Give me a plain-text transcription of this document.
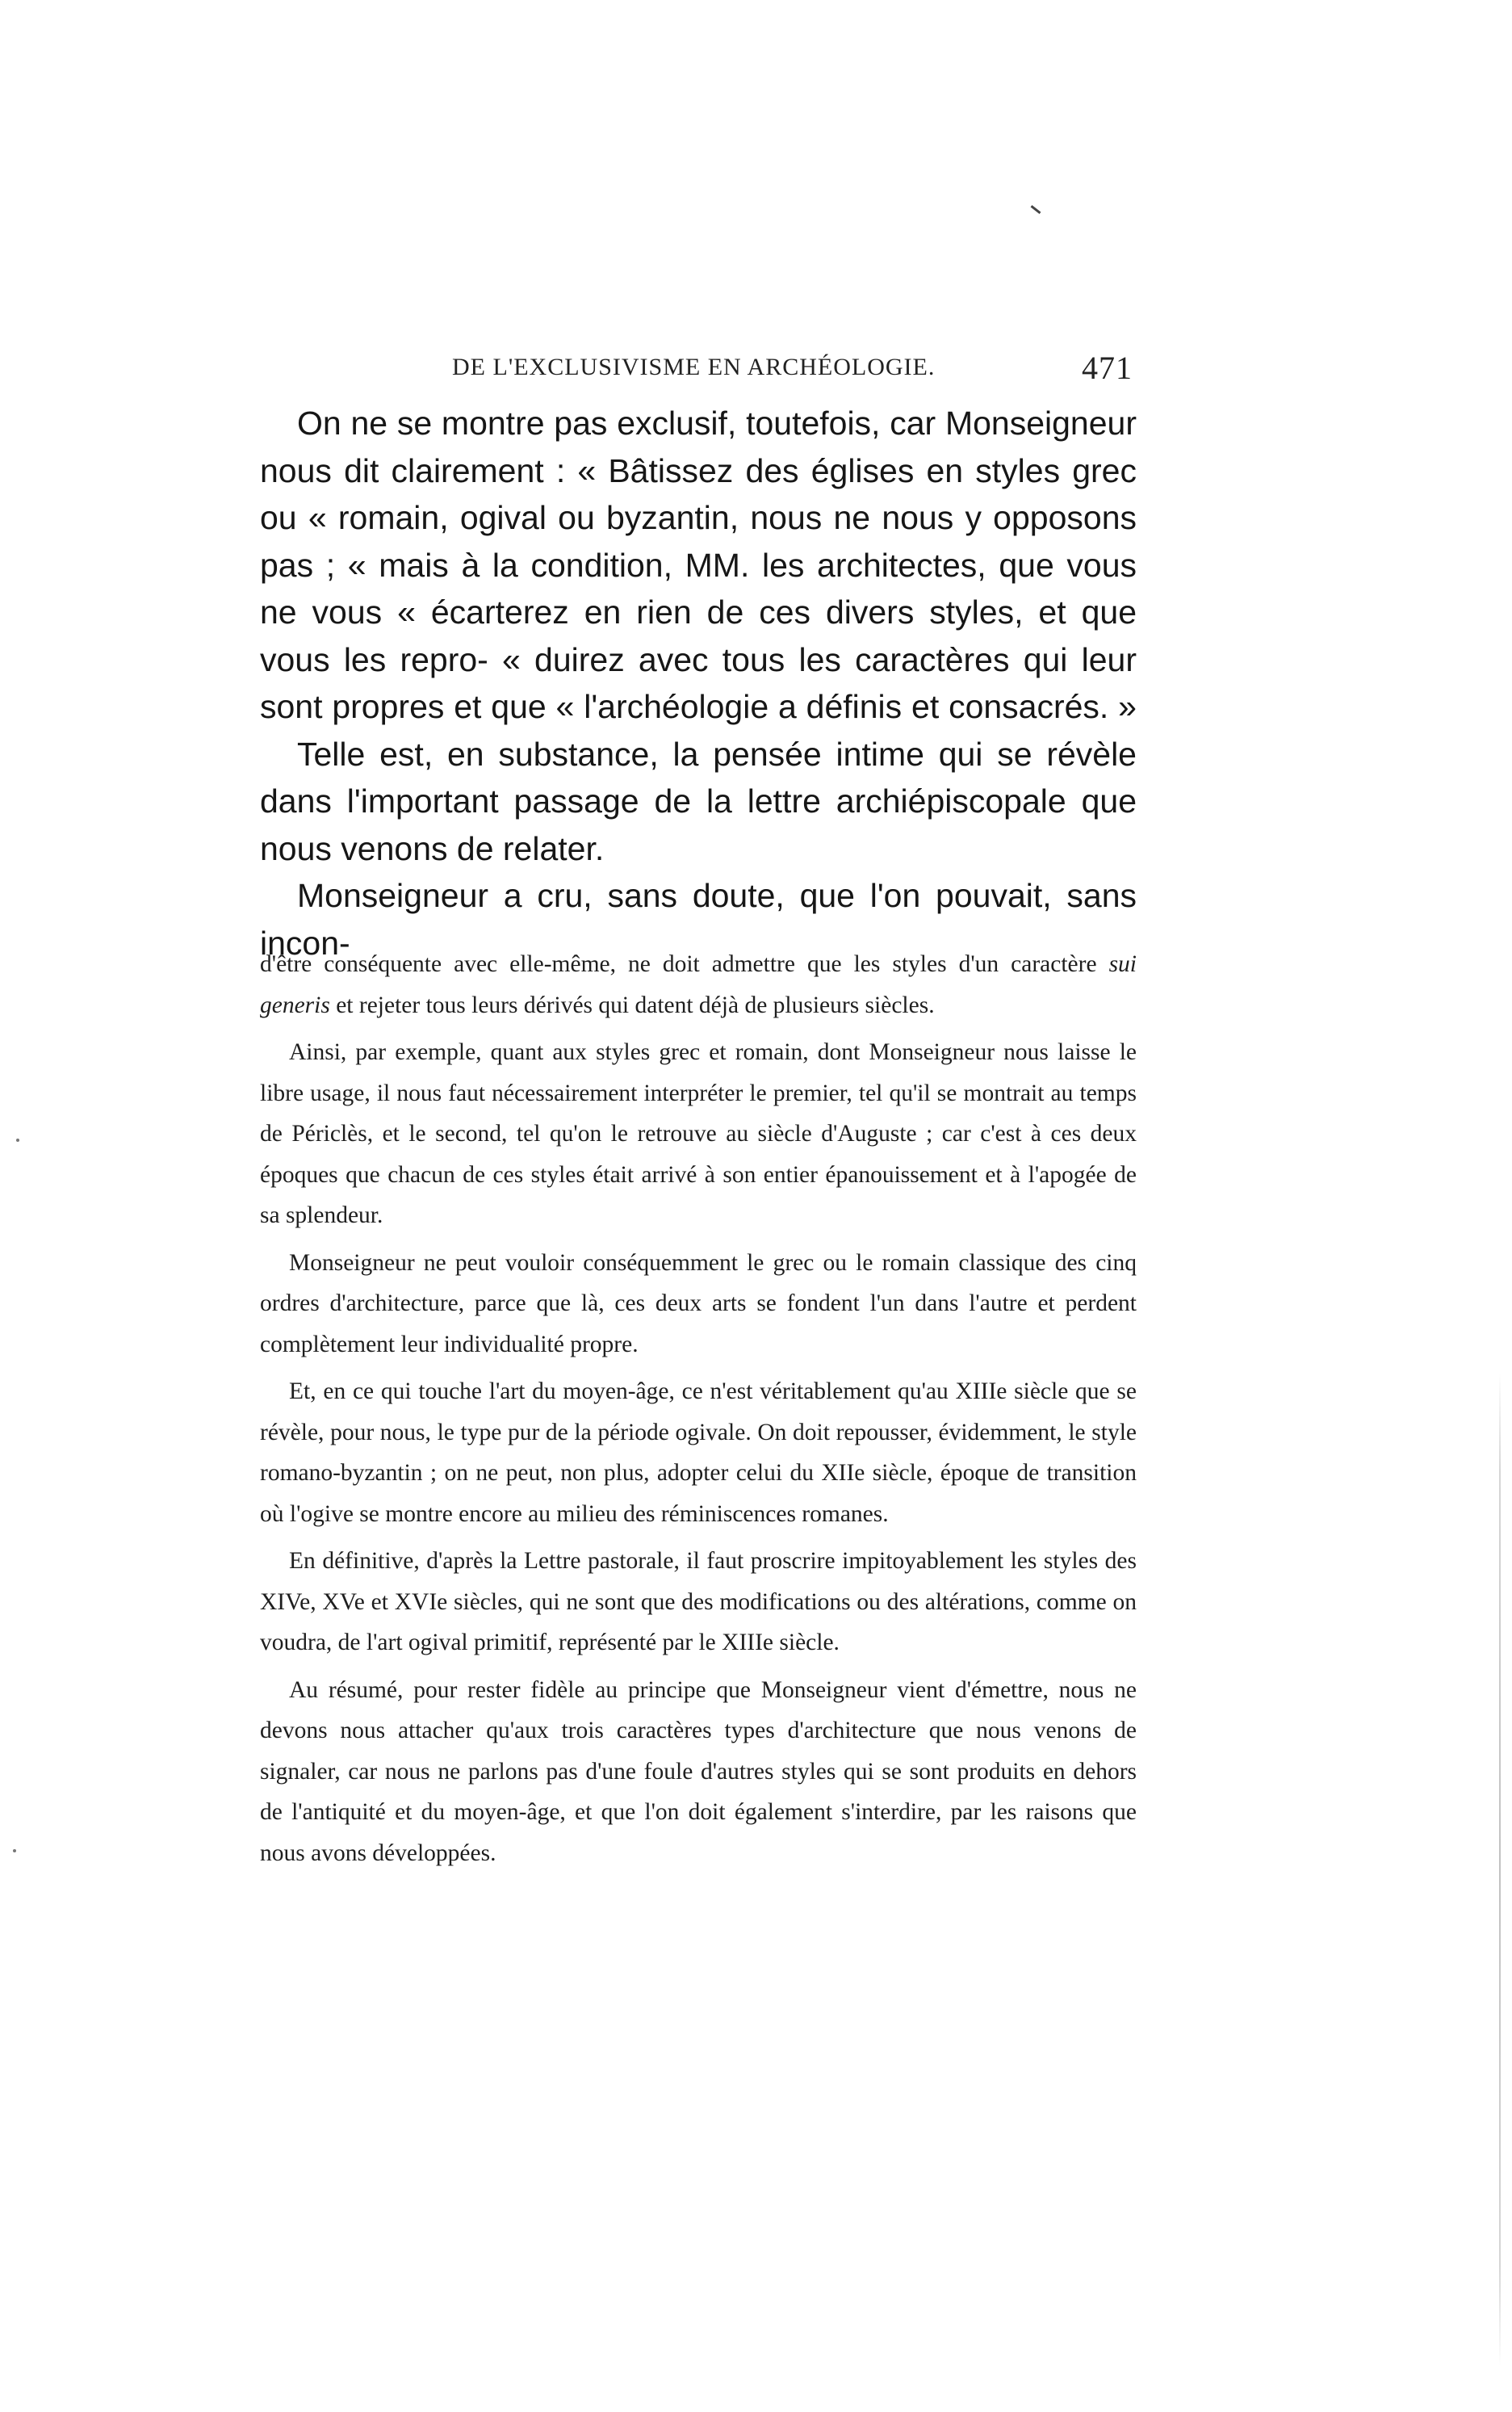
DE L'EXCLUSIVISME EN ARCHÉOLOGIE.	471

On ne se montre pas exclusif, toutefois, car Monseigneur nous dit clairement : « Bâtissez des églises en styles grec ou « romain, ogival ou byzantin, nous ne nous y opposons pas ; « mais à la condition, MM. les architectes, que vous ne vous « écarterez en rien de ces divers styles, et que vous les repro- « duirez avec tous les caractères qui leur sont propres et que « l'archéologie a définis et consacrés. »

Telle est, en substance, la pensée intime qui se révèle dans l'important passage de la lettre archiépiscopale que nous venons de relater.

Monseigneur a cru, sans doute, que l'on pouvait, sans incon-

d'être conséquente avec elle-même, ne doit admettre que les styles d'un caractère sui generis et rejeter tous leurs dérivés qui datent déjà de plusieurs siècles.

Ainsi, par exemple, quant aux styles grec et romain, dont Monseigneur nous laisse le libre usage, il nous faut nécessairement interpréter le premier, tel qu'il se montrait au temps de Périclès, et le second, tel qu'on le retrouve au siècle d'Auguste ; car c'est à ces deux époques que chacun de ces styles était arrivé à son entier épanouissement et à l'apogée de sa splendeur.

Monseigneur ne peut vouloir conséquemment le grec ou le romain classique des cinq ordres d'architecture, parce que là, ces deux arts se fondent l'un dans l'autre et perdent complètement leur individualité propre.

Et, en ce qui touche l'art du moyen-âge, ce n'est véritablement qu'au XIIIe siècle que se révèle, pour nous, le type pur de la période ogivale. On doit repousser, évidemment, le style romano-byzantin ; on ne peut, non plus, adopter celui du XIIe siècle, époque de transition où l'ogive se montre encore au milieu des réminiscences romanes.

En définitive, d'après la Lettre pastorale, il faut proscrire impitoyablement les styles des XIVe, XVe et XVIe siècles, qui ne sont que des modifications ou des altérations, comme on voudra, de l'art ogival primitif, représenté par le XIIIe siècle.

Au résumé, pour rester fidèle au principe que Monseigneur vient d'émettre, nous ne devons nous attacher qu'aux trois caractères types d'architecture que nous venons de signaler, car nous ne parlons pas d'une foule d'autres styles qui se sont produits en dehors de l'antiquité et du moyen-âge, et que l'on doit également s'interdire, par les raisons que nous avons développées.
